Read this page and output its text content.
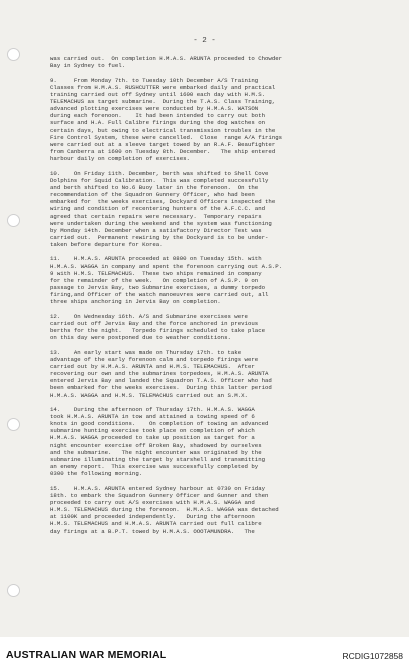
- 2 -

was carried out.  On completion H.M.A.S. ARUNTA proceeded to Chowder
Bay in Sydney to fuel.

9.     From Monday 7th. to Tuesday 10th December A/S Training
Classes from H.M.A.S. RUSHCUTTER were embarked daily and practical
training carried out off Sydney until 1600 each day with H.M.S.
TELEMACHUS as target submarine.  During the T.A.S. Class Training,
advanced plotting exercises were conducted by H.M.A.S. WATSON
during each forenoon.    It had been intended to carry out both
surface and H.A. Full Calibre firings during the dog watches on
certain days, but owing to electrical transmission troubles in the
Fire Control System, these were cancelled.  Close  range A/A firings
were carried out at a sleeve target towed by an R.A.F. Beaufighter
from Canberra at 1600 on Tuesday 8th. December.   The ship entered
harbour daily on completion of exercises.

10.    On Friday 11th. December, berth was shifted to Shell Cove
Dolphins for Squid Calibration.  This was completed successfully
and berth shifted to No.6 Buoy later in the forenoon.  On the
recommendation of the Squadron Gunnery Officer, who had been
embarked for  the weeks exercises, Dockyard Officers inspected the
wiring and condition of recentering hunters of the A.F.C.C. and
agreed that certain repairs were necessary.  Temporary repairs
were undertaken during the weekend and the system was functioning
by Monday 14th. December when a satisfactory Director Test was
carried out.  Permanent rewiring by the Dockyard is to be under-
taken before departure for Korea.

11.    H.M.A.S. ARUNTA proceeded at 0800 on Tuesday 15th. with
H.M.A.S. WAGGA in company and spent the forenoon carrying out A.S.P.
9 with H.M.S. TELEMACHUS.  These two ships remained in company
for the remainder of the week.   On completion of A.S.P. 9 on
passage to Jervis Bay, two Submarine exercises, a dummy torpedo
firing,and Officer of the watch manoeuvres were carried out, all
three ships anchoring in Jervis Bay on completion.

12.    On Wednesday 16th. A/S and Submarine exercises were
carried out off Jervis Bay and the force anchored in previous
berths for the night.   Torpedo firings scheduled to take place
on this day were postponed due to weather conditions.

13.    An early start was made on Thursday 17th. to take
advantage of the early forenoon calm and torpedo firings were
carried out by H.M.A.S. ARUNTA and H.M.S. TELEMACHUS.  After
recovering our own and the submarines torpedoes, H.M.A.S. ARUNTA
entered Jervis Bay and landed the Squadron T.A.S. Officer who had
been embarked for the weeks exercises.  During this latter period
H.M.A.S. WAGGA and H.M.S. TELEMACHUS carried out an S.M.X.

14.    During the afternoon of Thursday 17th. H.M.A.S. WAGGA
took H.M.A.S. ARUNTA in tow and attained a towing speed of 6
knots in good conditions.    On completion of towing an advanced
submarine hunting exercise took place on completion of which
H.M.A.S. WAGGA proceeded to take up position as target for a
night encounter exercise off Broken Bay, shadowed by ourselves
and the submarine.   The night encounter was originated by the
submarine illuminating the target by starshell and transmitting
an enemy report.  This exercise was successfully completed by
0300 the following morning.

15.    H.M.A.S. ARUNTA entered Sydney harbour at 0730 on Friday
18th. to embark the Squadron Gunnery Officer and Gunner and then
proceeded to carry out A/S exercises with H.M.A.S. WAGGA and
H.M.S. TELEMACHUS during the forenoon.  H.M.A.S. WAGGA was detached
at 1100K and proceeded independently.   During the afternoon
H.M.S. TELEMACHUS and H.M.A.S. ARUNTA carried out full calibre
day firings at a B.P.T. towed by H.M.A.S. OOOTAMUNDRA.   The

AUSTRALIAN WAR MEMORIAL	RCDIG1072858
